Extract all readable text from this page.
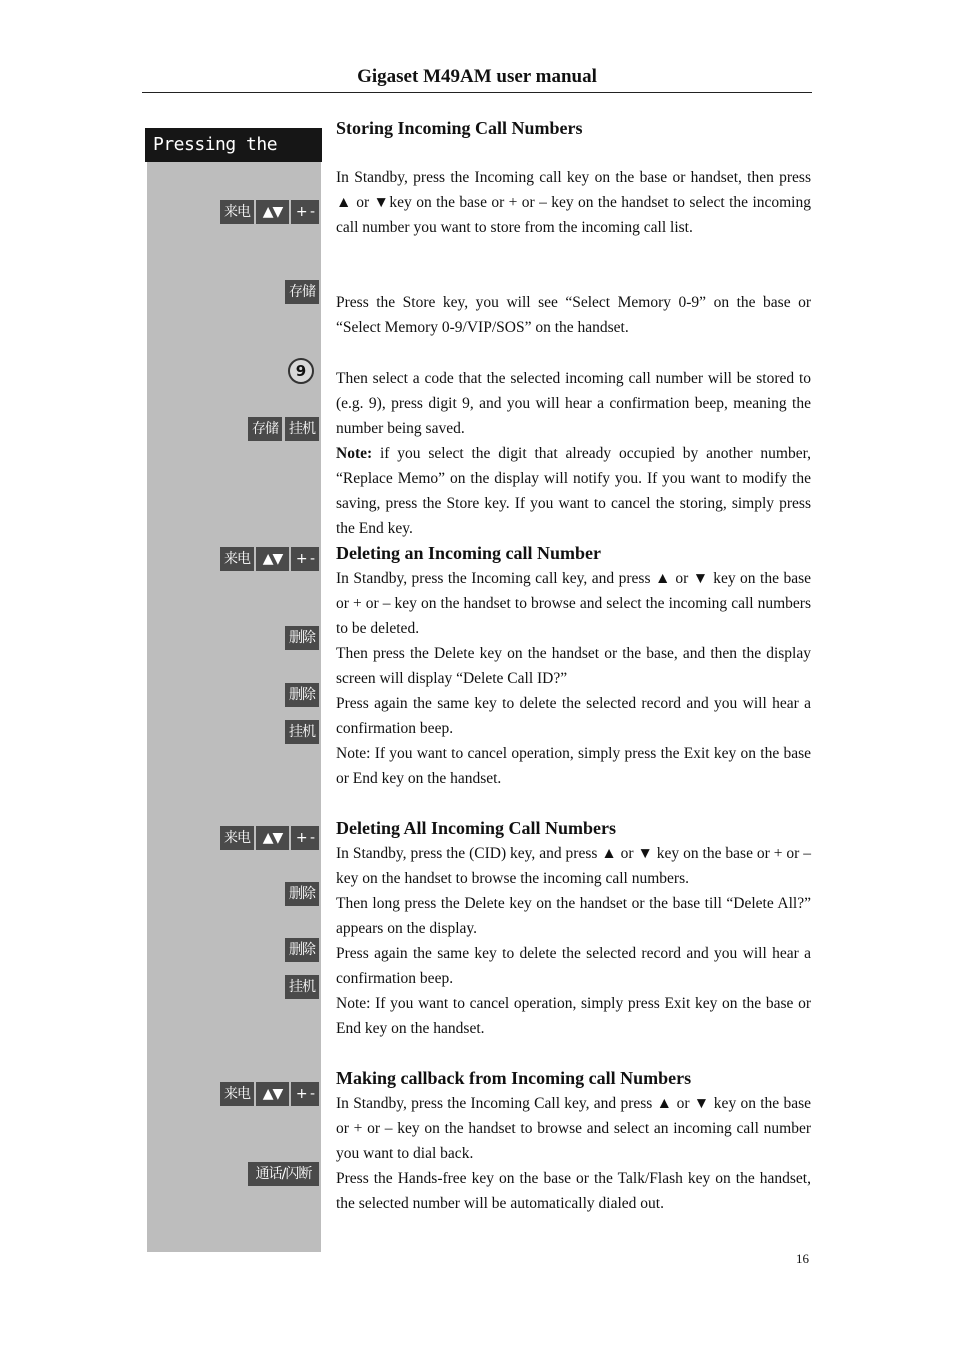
Gigaset M49AM user manual
Pressing the
来电 ▲▼ + -
存储
9
存储 挂机
来电 ▲▼ + -
删除
删除
挂机
来电 ▲▼ + -
删除
删除
挂机
来电 ▲▼ + -
通话/闪断
Storing Incoming Call Numbers

In Standby, press the Incoming call key on the base or handset, then press ▲ or ▼key on the base or + or – key on the handset to select the incoming call number you want to store from the incoming call list.

Press the Store key, you will see “Select Memory 0-9” on the base or “Select Memory 0-9/VIP/SOS” on the handset.

Then select a code that the selected incoming call number will be stored to (e.g. 9), press digit 9, and you will hear a confirmation beep, meaning the number being saved.

Note: if you select the digit that already occupied by another number, “Replace Memo” on the display will notify you. If you want to modify the saving, press the Store key. If you want to cancel the storing, simply press the End key.

Deleting an Incoming call Number

In Standby, press the Incoming call key, and press ▲ or ▼ key on the base or + or – key on the handset to browse and select the incoming call numbers to be deleted.

Then press the Delete key on the handset or the base, and then the display screen will display “Delete Call ID?”

Press again the same key to delete the selected record and you will hear a confirmation beep.

Note: If you want to cancel operation, simply press the Exit key on the base or End key on the handset.

Deleting All Incoming Call Numbers

In Standby, press the (CID) key, and press ▲ or ▼ key on the base or + or – key on the handset to browse the incoming call numbers.

Then long press the Delete key on the handset or the base till “Delete All?” appears on the display.

Press again the same key to delete the selected record and you will hear a confirmation beep.

Note: If you want to cancel operation, simply press Exit key on the base or End key on the handset.

Making callback from Incoming call Numbers

In Standby, press the Incoming Call key, and press ▲ or ▼ key on the base or + or – key on the handset to browse and select an incoming call number you want to dial back.

Press the Hands-free key on the base or the Talk/Flash key on the handset, the selected number will be automatically dialed out.

16
